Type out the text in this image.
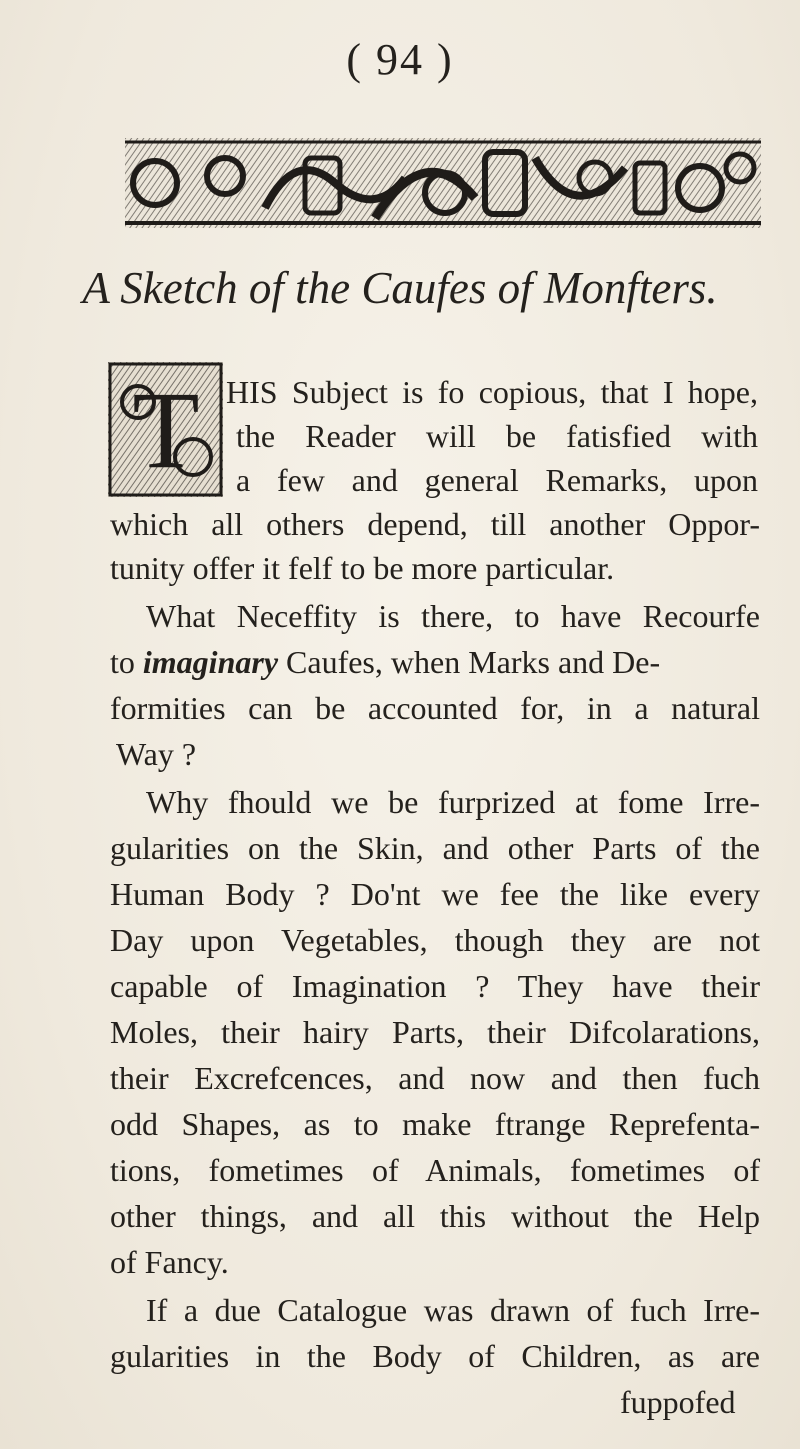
( 94 )
A Sketch of the Caufes of Monfters.
T HIS Subject is fo copious, that I hope,
the Reader will be fatisfied with
a few and general Remarks, upon
which all others depend, till another Oppor-
tunity offer it felf to be more particular.
What Neceffity is there, to have Recourfe
to imaginary Caufes, when Marks and De-
formities can be accounted for, in a natural
Way ?
Why fhould we be furprized at fome Irre-
gularities on the Skin, and other Parts of the
Human Body ? Do'nt we fee the like every
Day upon Vegetables, though they are not
capable of Imagination ? They have their
Moles, their hairy Parts, their Difcolarations,
their Excrefcences, and now and then fuch
odd Shapes, as to make ftrange Reprefenta-
tions, fometimes of Animals, fometimes of
other things, and all this without the Help
of Fancy.
If a due Catalogue was drawn of fuch Irre-
gularities in the Body of Children, as are
fuppofed
